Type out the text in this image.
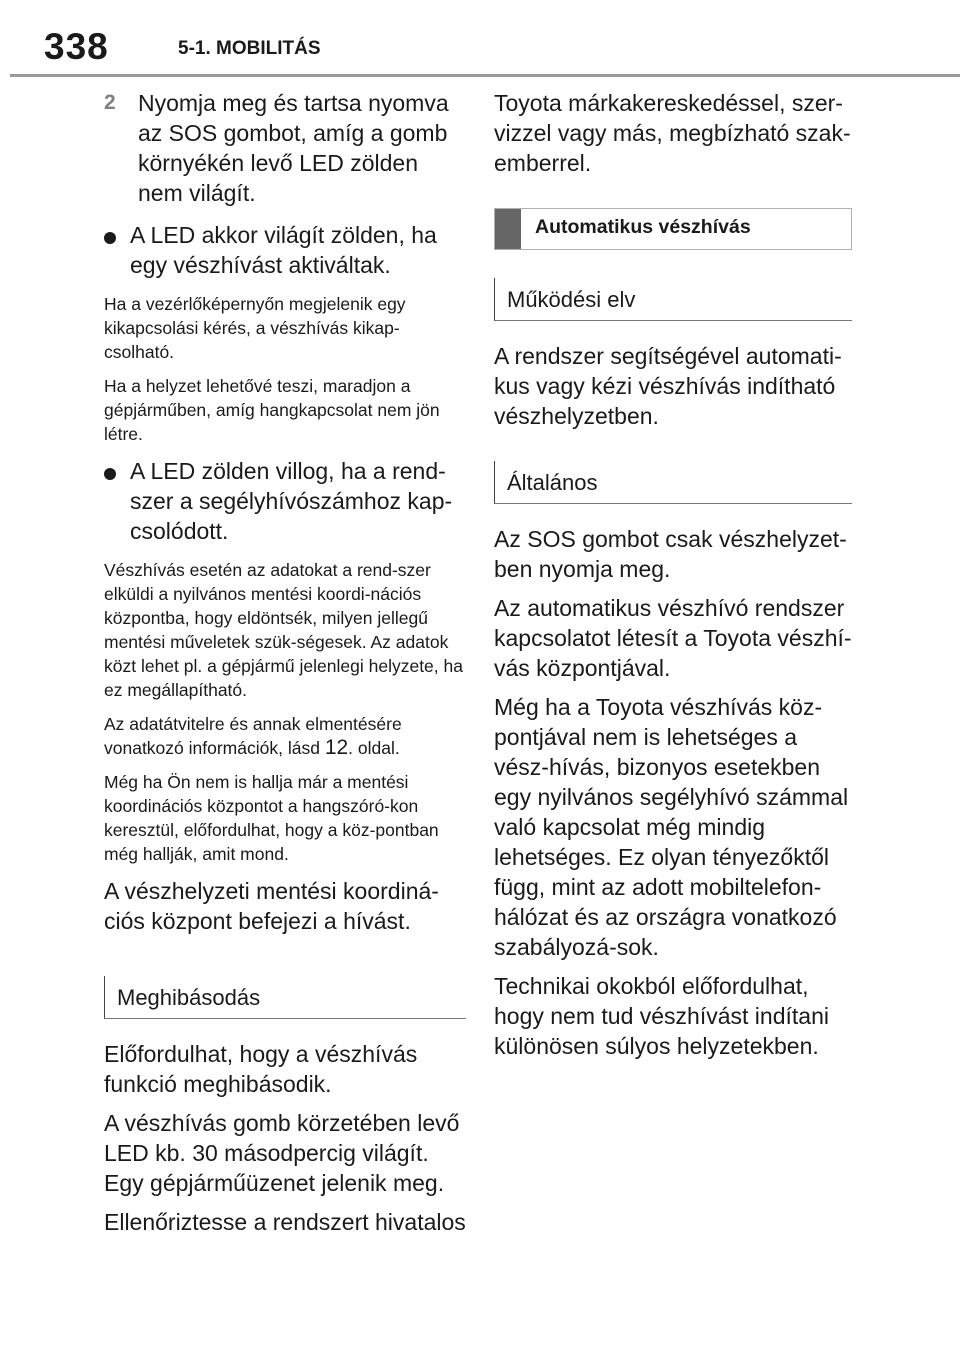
338	5-1. MOBILITÁS
2 Nyomja meg és tartsa nyomva az SOS gombot, amíg a gomb környékén levő LED zölden nem világít.
A LED akkor világít zölden, ha egy vészhívást aktiváltak.

Ha a vezérlőképernyőn megjelenik egy kikapcsolási kérés, a vészhívás kikap-csolható.

Ha a helyzet lehetővé teszi, maradjon a gépjárműben, amíg hangkapcsolat nem jön létre.

A LED zölden villog, ha a rend-szer a segélyhívószámhoz kap-csolódott.

Vészhívás esetén az adatokat a rend-szer elküldi a nyilvános mentési koordi-nációs központba, hogy eldöntsék, milyen jellegű mentési műveletek szük-ségesek. Az adatok közt lehet pl. a gépjármű jelenlegi helyzete, ha ez megállapítható.

Az adatátvitelre és annak elmentésére vonatkozó információk, lásd 12. oldal.

Még ha Ön nem is hallja már a mentési koordinációs központot a hangszóró-kon keresztül, előfordulhat, hogy a köz-pontban még hallják, amit mond.

A vészhelyzeti mentési koordiná-ciós központ befejezi a hívást.

Meghibásodás

Előfordulhat, hogy a vészhívás funkció meghibásodik.

A vészhívás gomb körzetében levő LED kb. 30 másodpercig világít. Egy gépjárműüzenet jelenik meg.

Ellenőriztesse a rendszert hivatalos

Toyota márkakereskedéssel, szer-vizzel vagy más, megbízható szak-emberrel.

Automatikus vészhívás
Működési elv

A rendszer segítségével automati-kus vagy kézi vészhívás indítható vészhelyzetben.

Általános

Az SOS gombot csak vészhelyzet-ben nyomja meg.

Az automatikus vészhívó rendszer kapcsolatot létesít a Toyota vészhí-vás központjával.

Még ha a Toyota vészhívás köz-pontjával nem is lehetséges a vész-hívás, bizonyos esetekben egy nyilvános segélyhívó számmal való kapcsolat még mindig lehetséges. Ez olyan tényezőktől függ, mint az adott mobiltelefon-hálózat és az országra vonatkozó szabályozá-sok.

Technikai okokból előfordulhat, hogy nem tud vészhívást indítani különösen súlyos helyzetekben.
